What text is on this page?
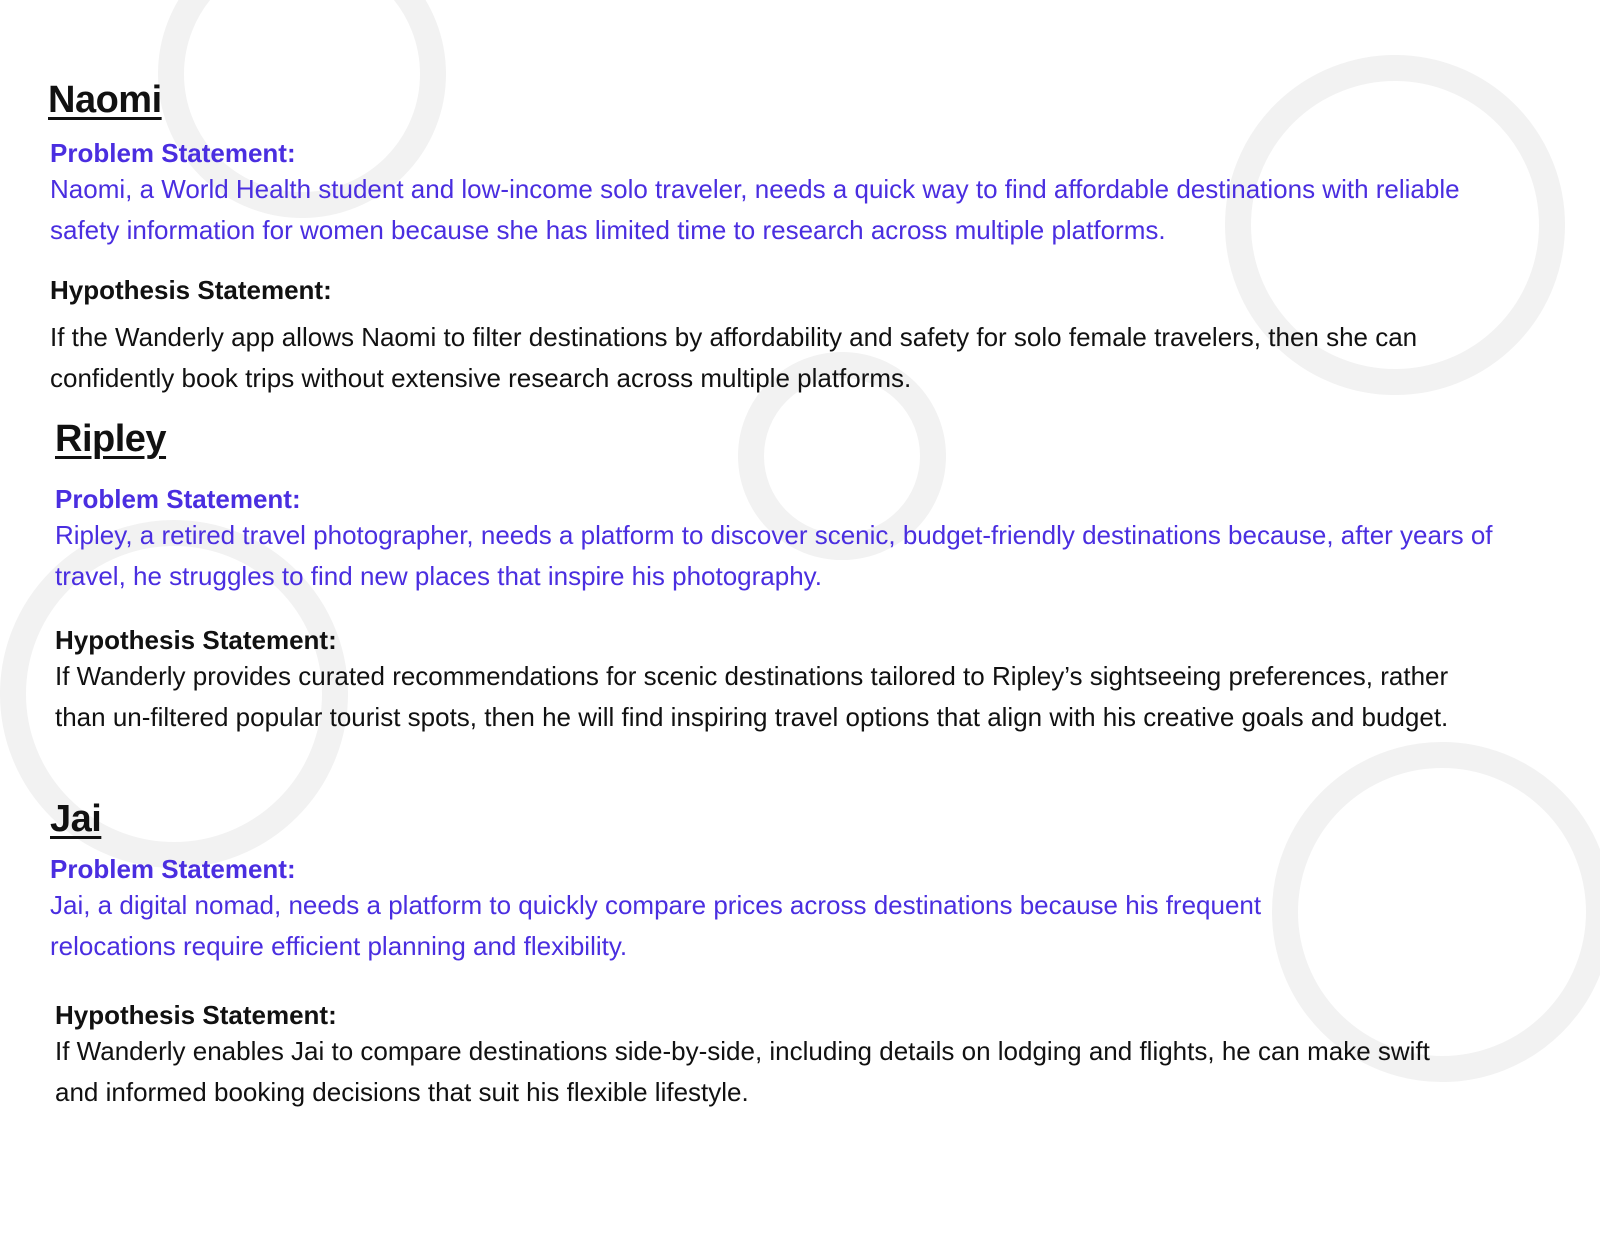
Naomi

Problem Statement:

Naomi, a World Health student and low-income solo traveler, needs a quick way to find affordable destinations with reliable safety information for women because she has limited time to research across multiple platforms.

Hypothesis Statement:

If the Wanderly app allows Naomi to filter destinations by affordability and safety for solo female travelers, then she can confidently book trips without extensive research across multiple platforms.

Ripley

Problem Statement:

Ripley, a retired travel photographer, needs a platform to discover scenic, budget-friendly destinations because, after years of travel, he struggles to find new places that inspire his photography.

Hypothesis Statement:

If Wanderly provides curated recommendations for scenic destinations tailored to Ripley’s sightseeing preferences, rather than un-filtered popular tourist spots, then he will find inspiring travel options that align with his creative goals and budget.

Jai

Problem Statement:

Jai, a digital nomad, needs a platform to quickly compare prices across destinations because his frequent relocations require efficient planning and flexibility.

Hypothesis Statement:

If Wanderly enables Jai to compare destinations side-by-side, including details on lodging and flights, he can make swift and informed booking decisions that suit his flexible lifestyle.
